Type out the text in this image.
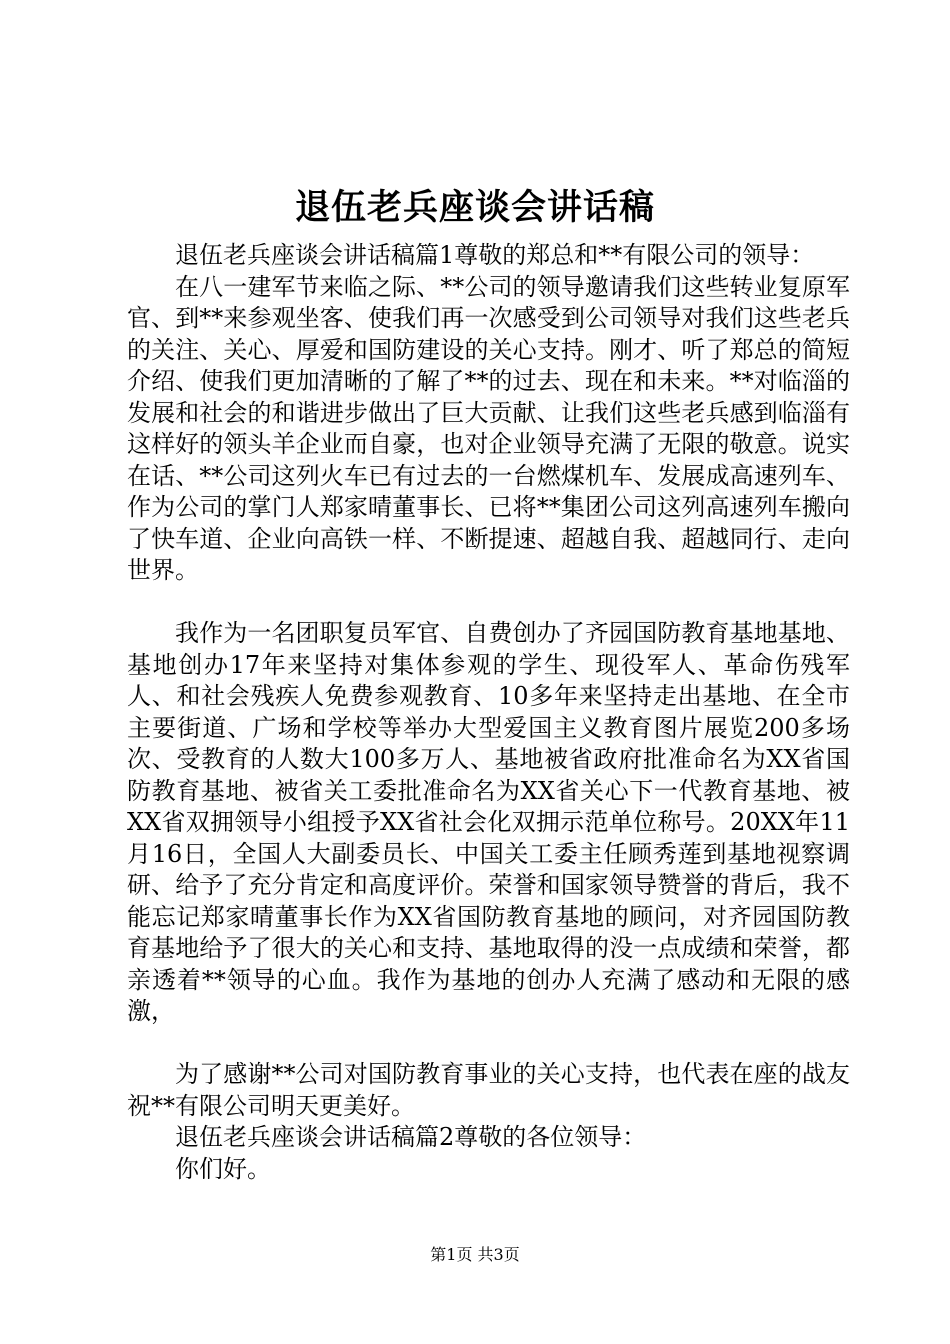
退伍老兵座谈会讲话稿

退伍老兵座谈会讲话稿篇1尊敬的郑总和**有限公司的领导：

在八一建军节来临之际、**公司的领导邀请我们这些转业复原军官、到**来参观坐客、使我们再一次感受到公司领导对我们这些老兵的关注、关心、厚爱和国防建设的关心支持。刚才、听了郑总的简短介绍、使我们更加清晰的了解了**的过去、现在和未来。**对临淄的发展和社会的和谐进步做出了巨大贡献、让我们这些老兵感到临淄有这样好的领头羊企业而自豪，也对企业领导充满了无限的敬意。说实在话、**公司这列火车已有过去的一台燃煤机车、发展成高速列车、作为公司的掌门人郑家晴董事长、已将**集团公司这列高速列车搬向了快车道、企业向高铁一样、不断提速、超越自我、超越同行、走向世界。

我作为一名团职复员军官、自费创办了齐园国防教育基地基地、基地创办17年来坚持对集体参观的学生、现役军人、革命伤残军人、和社会残疾人免费参观教育、10多年来坚持走出基地、在全市主要街道、广场和学校等举办大型爱国主义教育图片展览200多场次、受教育的人数大100多万人、基地被省政府批准命名为XX省国防教育基地、被省关工委批准命名为XX省关心下一代教育基地、被XX省双拥领导小组授予XX省社会化双拥示范单位称号。20XX年11月16日，全国人大副委员长、中国关工委主任顾秀莲到基地视察调研、给予了充分肯定和高度评价。荣誉和国家领导赞誉的背后，我不能忘记郑家晴董事长作为XX省国防教育基地的顾问，对齐园国防教育基地给予了很大的关心和支持、基地取得的没一点成绩和荣誉，都亲透着**领导的心血。我作为基地的创办人充满了感动和无限的感激，

为了感谢**公司对国防教育事业的关心支持，也代表在座的战友祝**有限公司明天更美好。

退伍老兵座谈会讲话稿篇2尊敬的各位领导：

你们好。

第1页 共3页
